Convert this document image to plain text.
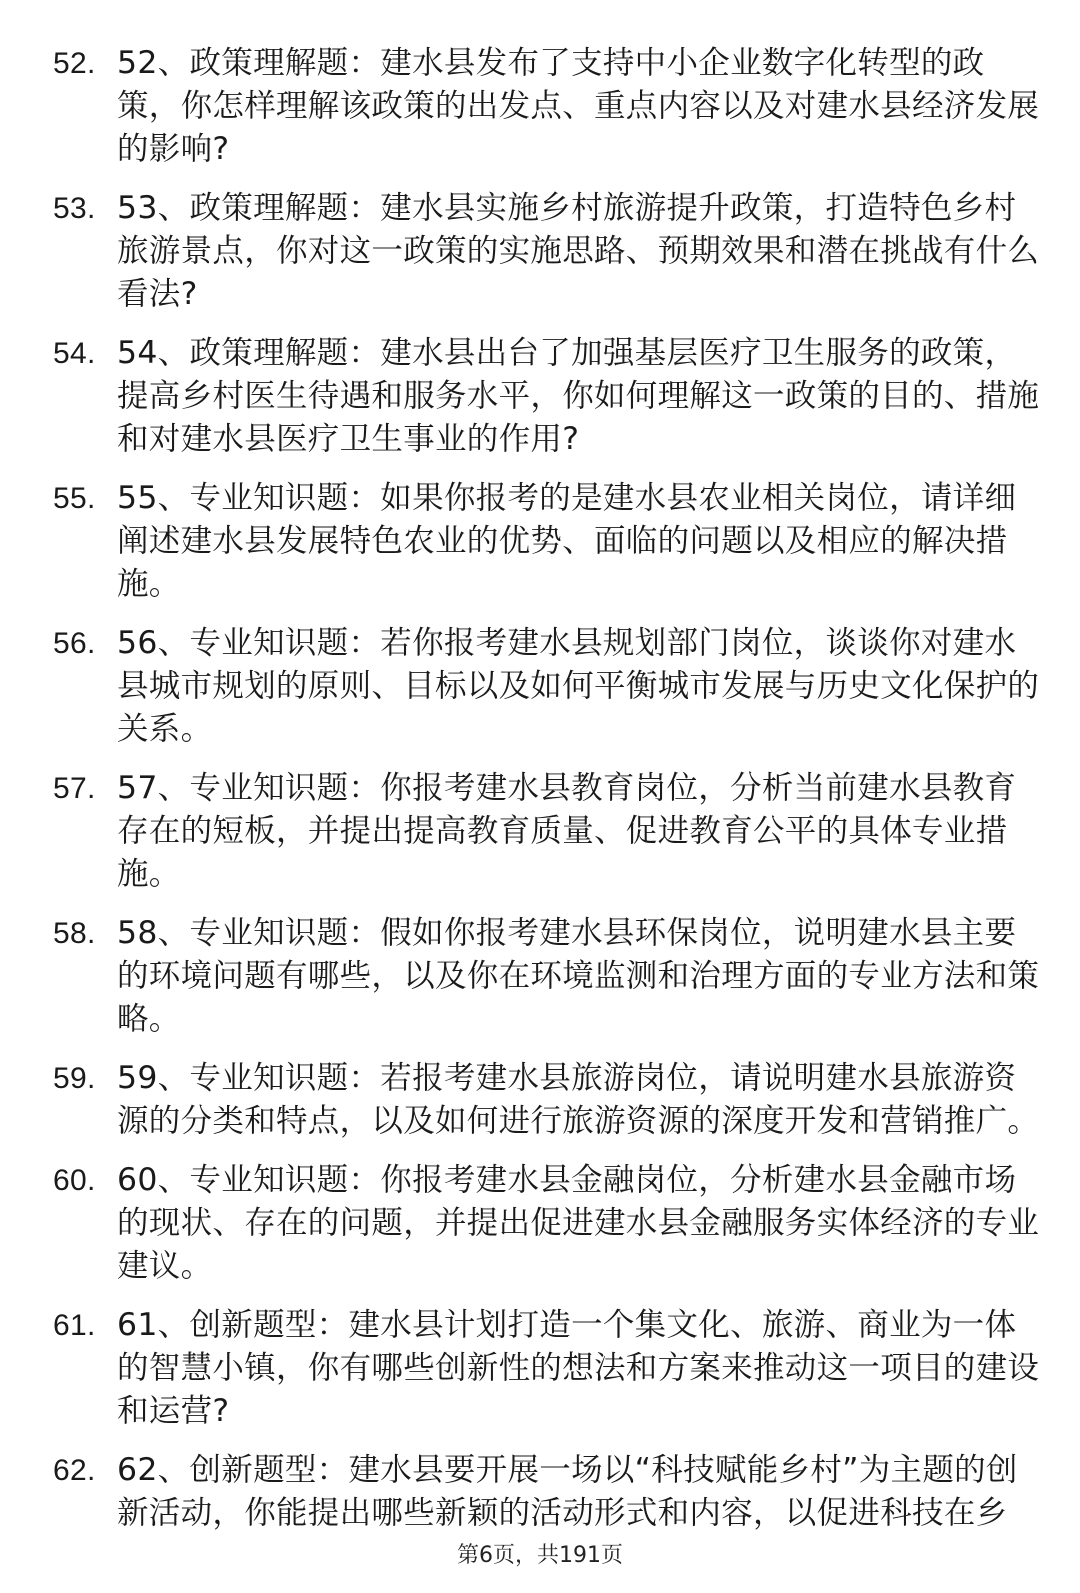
52. 52、政策理解题：建水县发布了支持中小企业数字化转型的政策，你怎样理解该政策的出发点、重点内容以及对建水县经济发展的影响?
53. 53、政策理解题：建水县实施乡村旅游提升政策，打造特色乡村旅游景点，你对这一政策的实施思路、预期效果和潜在挑战有什么看法?
54. 54、政策理解题：建水县出台了加强基层医疗卫生服务的政策，提高乡村医生待遇和服务水平，你如何理解这一政策的目的、措施和对建水县医疗卫生事业的作用?
55. 55、专业知识题：如果你报考的是建水县农业相关岗位，请详细阐述建水县发展特色农业的优势、面临的问题以及相应的解决措施。
56. 56、专业知识题：若你报考建水县规划部门岗位，谈谈你对建水县城市规划的原则、目标以及如何平衡城市发展与历史文化保护的关系。
57. 57、专业知识题：你报考建水县教育岗位，分析当前建水县教育存在的短板，并提出提高教育质量、促进教育公平的具体专业措施。
58. 58、专业知识题：假如你报考建水县环保岗位，说明建水县主要的环境问题有哪些，以及你在环境监测和治理方面的专业方法和策略。
59. 59、专业知识题：若报考建水县旅游岗位，请说明建水县旅游资源的分类和特点，以及如何进行旅游资源的深度开发和营销推广。
60. 60、专业知识题：你报考建水县金融岗位，分析建水县金融市场的现状、存在的问题，并提出促进建水县金融服务实体经济的专业建议。
61. 61、创新题型：建水县计划打造一个集文化、旅游、商业为一体的智慧小镇，你有哪些创新性的想法和方案来推动这一项目的建设和运营?
62. 62、创新题型：建水县要开展一场以“科技赋能乡村”为主题的创新活动，你能提出哪些新颖的活动形式和内容，以促进科技在乡
第6页，共191页
